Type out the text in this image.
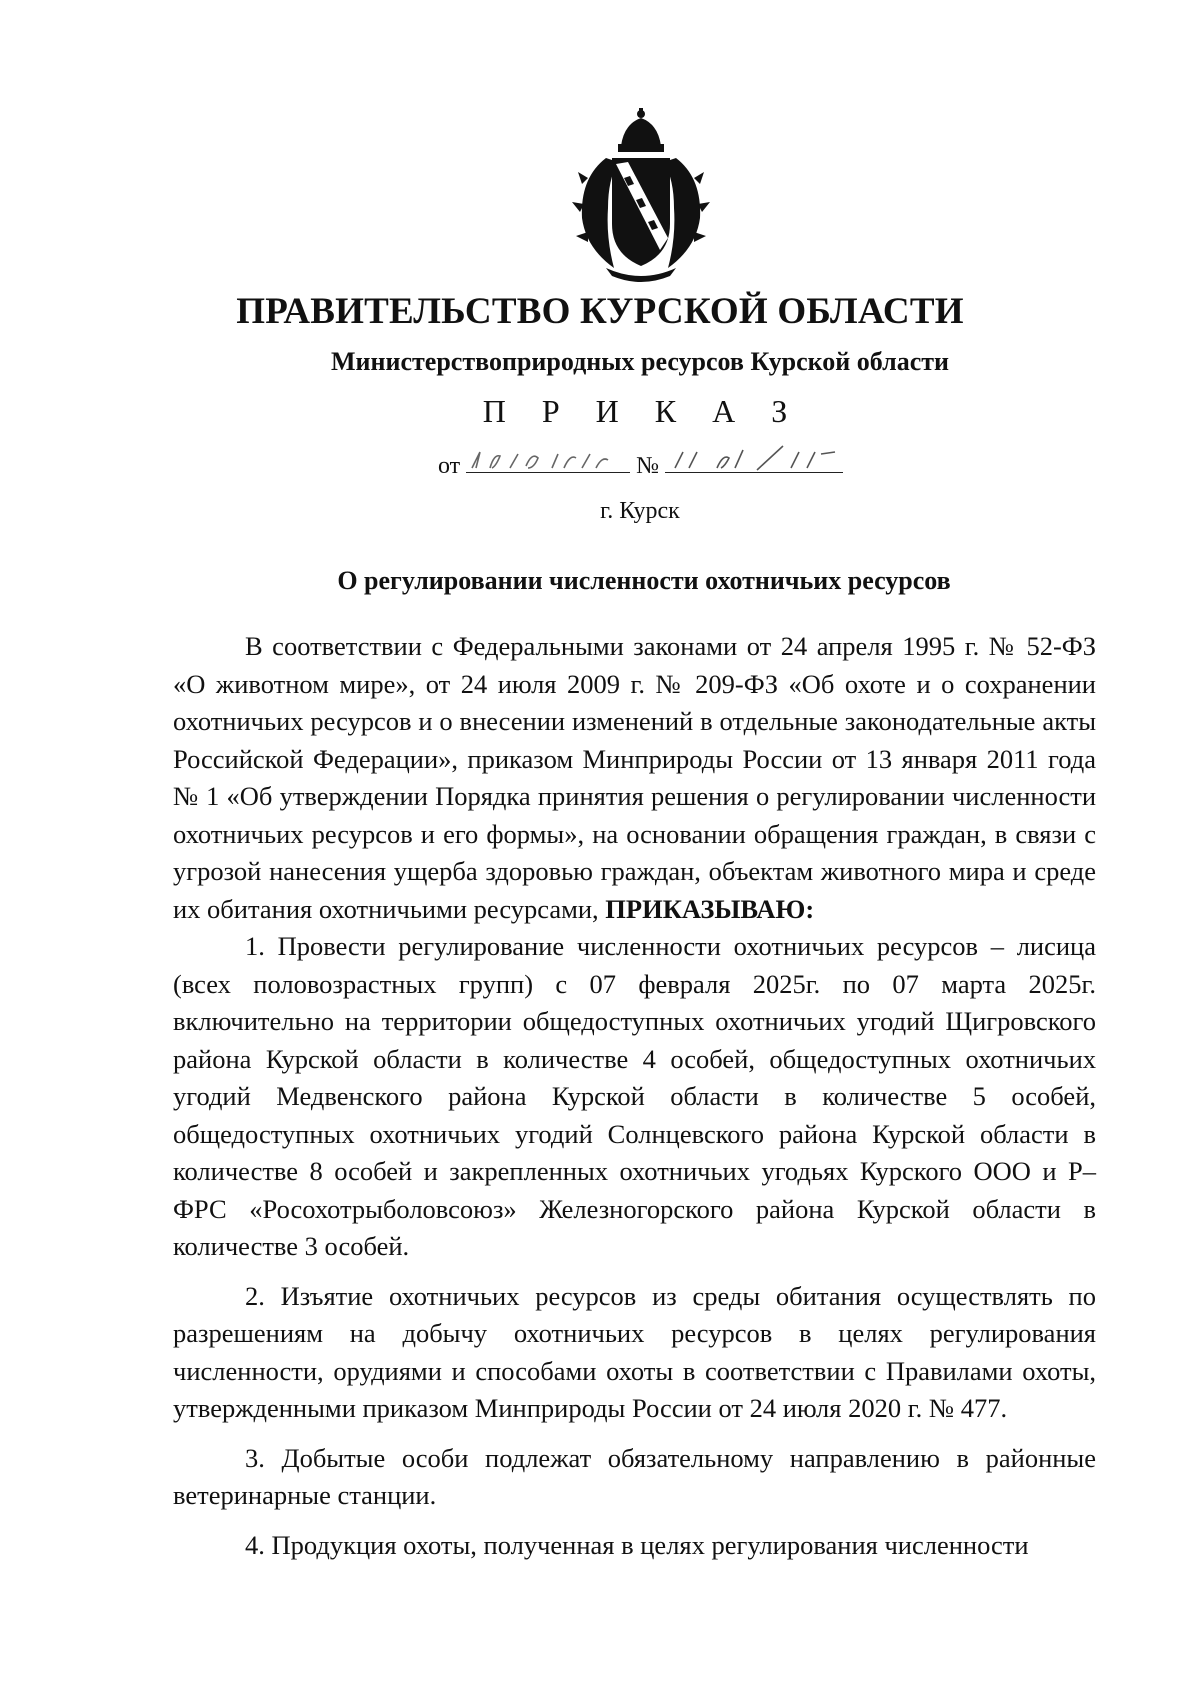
ПРАВИТЕЛЬСТВО КУРСКОЙ ОБЛАСТИ
Министерствоприродных ресурсов Курской области
П Р И К А З
от	№
г. Курск
О регулировании численности охотничьих ресурсов

В соответствии с Федеральными законами от 24 апреля 1995 г. № 52-ФЗ «О животном мире», от 24 июля 2009 г. № 209-ФЗ «Об охоте и о сохранении охотничьих ресурсов и о внесении изменений в отдельные законодательные акты Российской Федерации», приказом Минприроды России от 13 января 2011 года № 1 «Об утверждении Порядка принятия решения о регулировании численности охотничьих ресурсов и его формы», на основании обращения граждан, в связи с угрозой нанесения ущерба здоровью граждан, объектам животного мира и среде их обитания охотничьими ресурсами, ПРИКАЗЫВАЮ:

1. Провести регулирование численности охотничьих ресурсов – лисица (всех половозрастных групп) с 07 февраля 2025г. по 07 марта 2025г. включительно на территории общедоступных охотничьих угодий Щигровского района Курской области в количестве 4 особей, общедоступных охотничьих угодий Медвенского района Курской области в количестве 5 особей, общедоступных охотничьих угодий Солнцевского района Курской области в количестве 8 особей и закрепленных охотничьих угодьях Курского ООО и Р–ФРС «Росохотрыболовсоюз» Железногорского района Курской области в количестве 3 особей.

2. Изъятие охотничьих ресурсов из среды обитания осуществлять по разрешениям на добычу охотничьих ресурсов в целях регулирования численности, орудиями и способами охоты в соответствии с Правилами охоты, утвержденными приказом Минприроды России от 24 июля 2020 г. № 477.

3. Добытые особи подлежат обязательному направлению в районные ветеринарные станции.

4. Продукция охоты, полученная в целях регулирования численности
